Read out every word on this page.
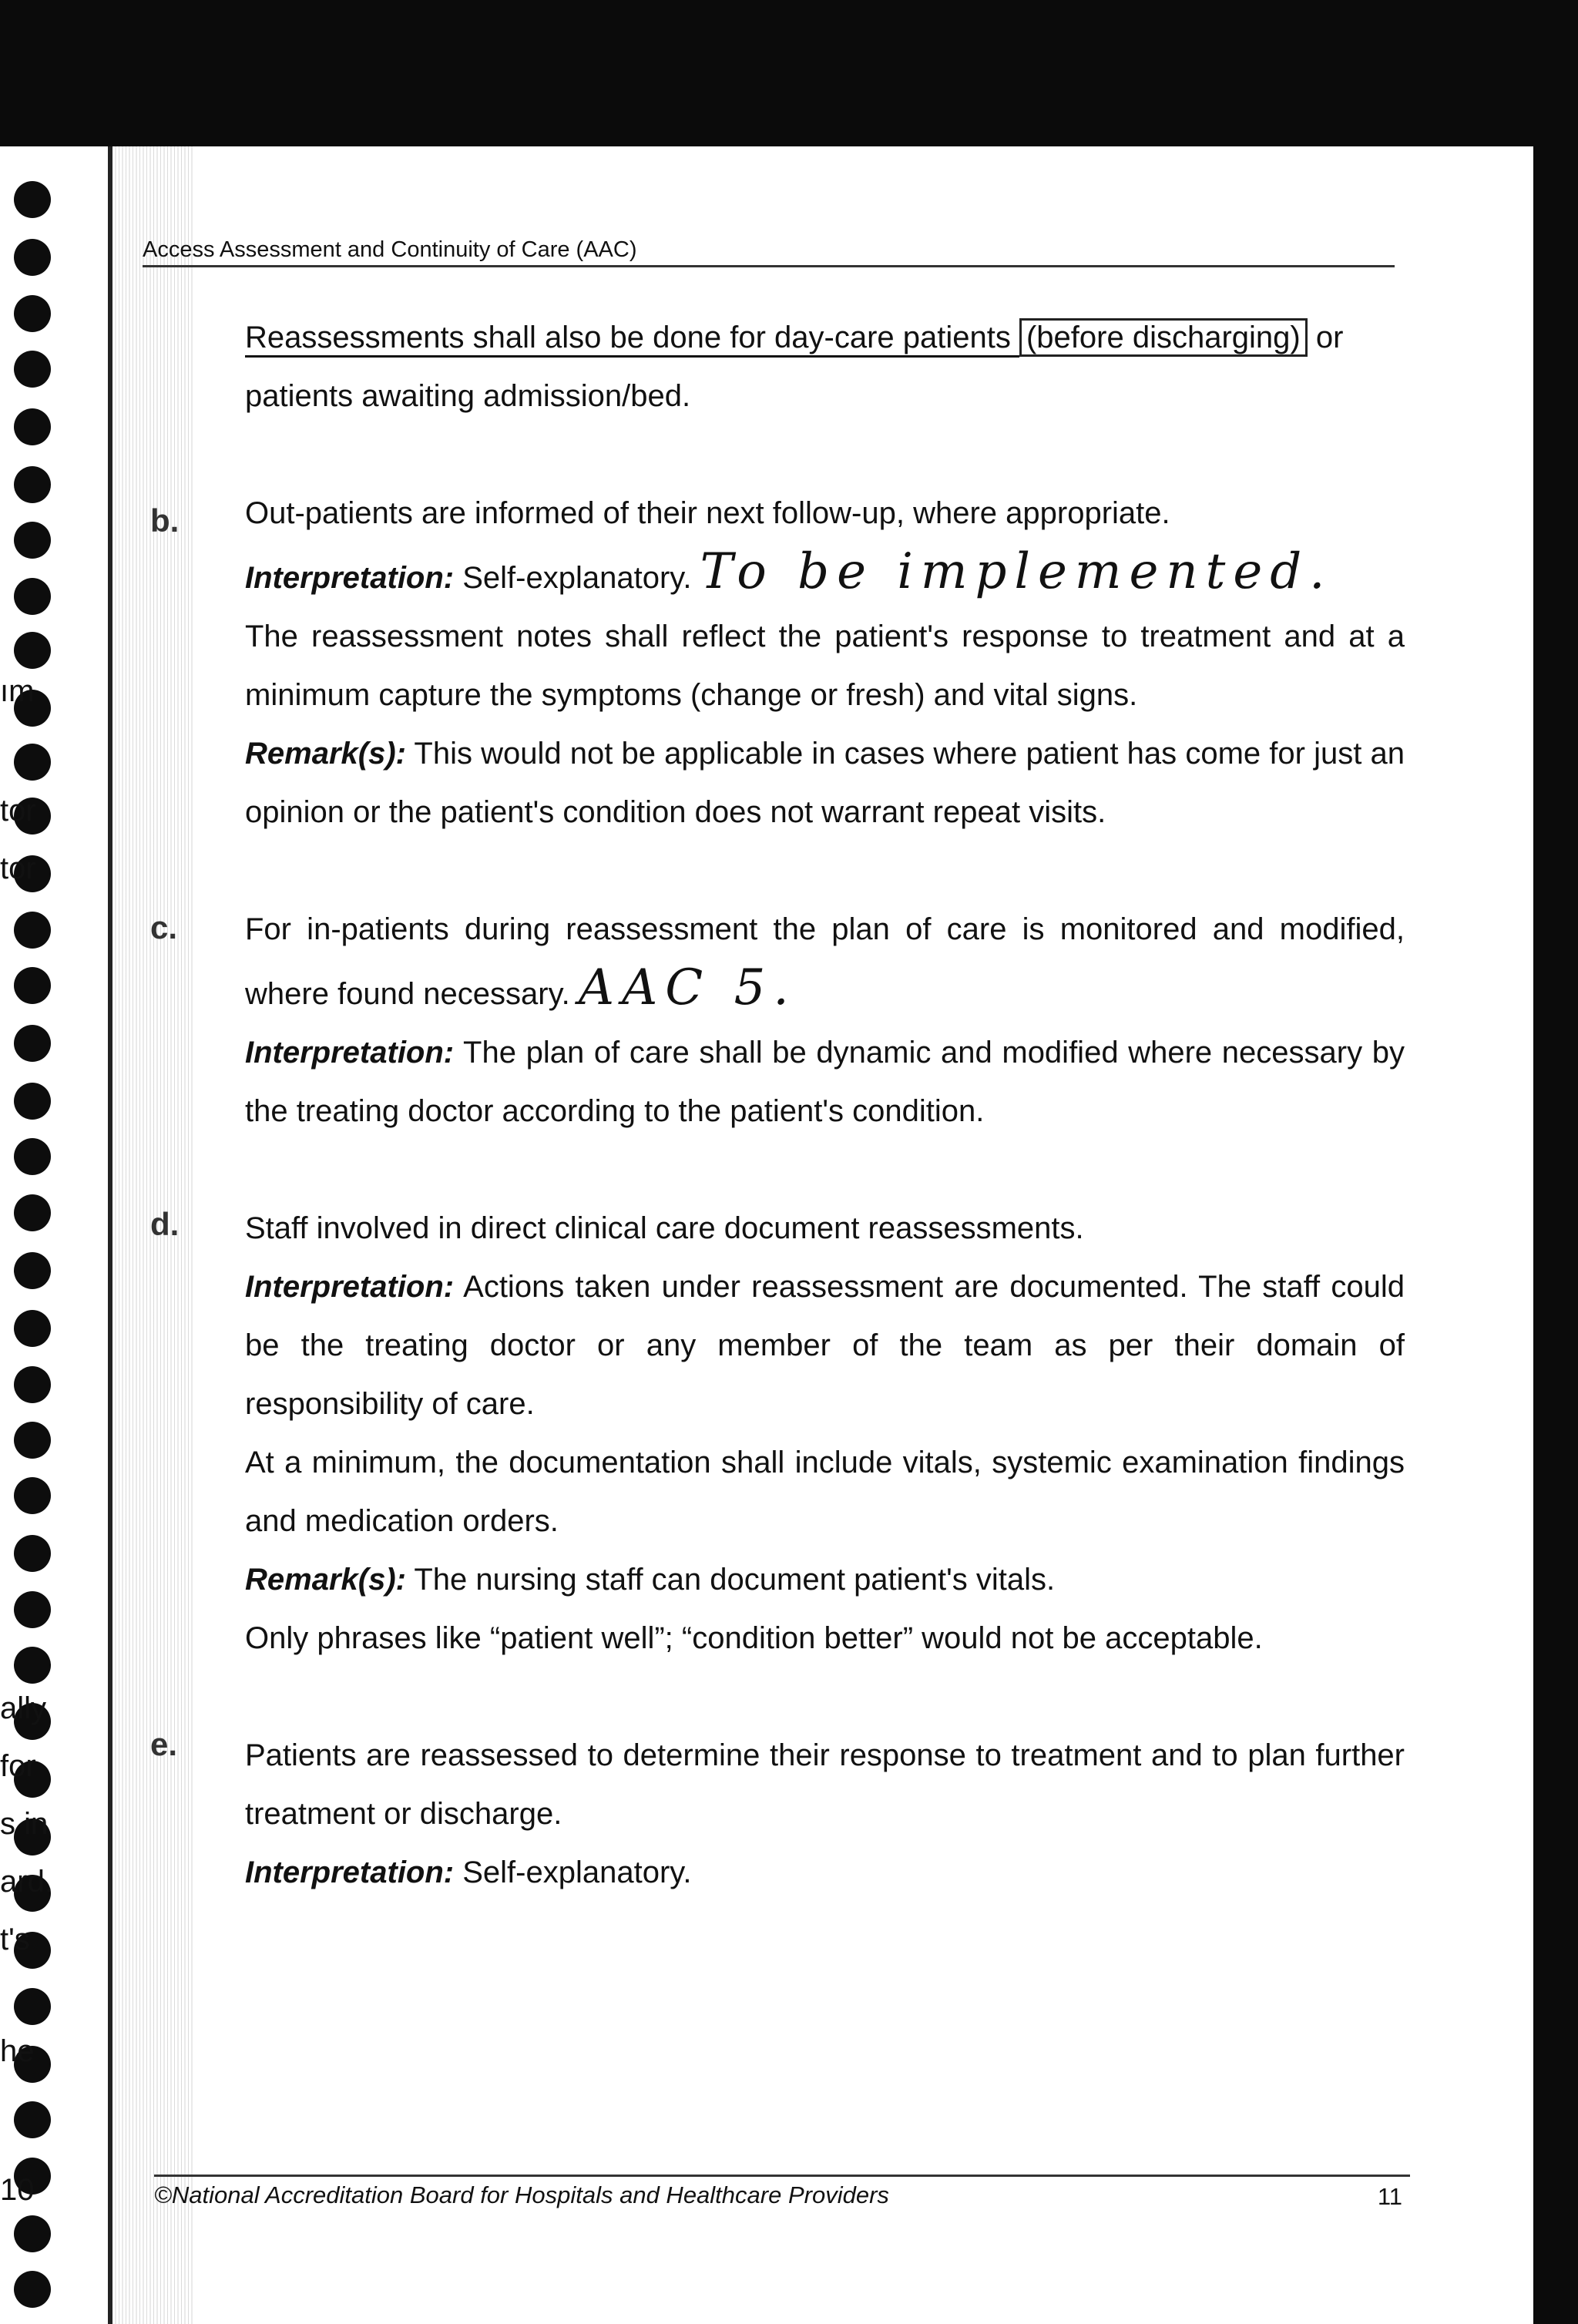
ım
tor
tor
ally
for
s in
ard.
t's
he
10
Access Assessment and Continuity of Care (AAC)
b.
c.
d.
e.

Reassessments shall also be done for day-care patients (before discharging) or patients awaiting admission/bed.

Out-patients are informed of their next follow-up, where appropriate.

Interpretation: Self-explanatory. To be implemented.

The reassessment notes shall reflect the patient's response to treatment and at a minimum capture the symptoms (change or fresh) and vital signs.

Remark(s): This would not be applicable in cases where patient has come for just an opinion or the patient's condition does not warrant repeat visits.

For in-patients during reassessment the plan of care is monitored and modified, where found necessary. AAC 5.

Interpretation: The plan of care shall be dynamic and modified where necessary by the treating doctor according to the patient's condition.

Staff involved in direct clinical care document reassessments.

Interpretation: Actions taken under reassessment are documented. The staff could be the treating doctor or any member of the team as per their domain of responsibility of care.

At a minimum, the documentation shall include vitals, systemic examination findings and medication orders.

Remark(s): The nursing staff can document patient's vitals.

Only phrases like “patient well”; “condition better” would not be acceptable.

Patients are reassessed to determine their response to treatment and to plan further treatment or discharge.

Interpretation: Self-explanatory.

©National Accreditation Board for Hospitals and Healthcare Providers	11
